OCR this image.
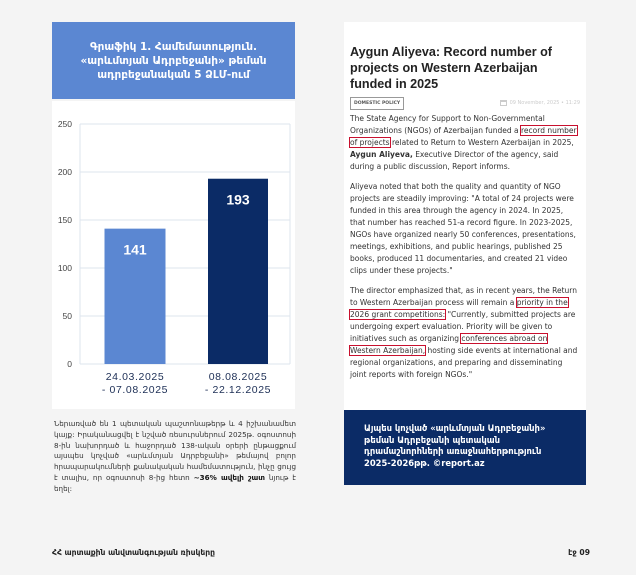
Գրաֆիկ 1. Համեմատություն. «արևմտյան Ադրբեջանի» թեման ադրբեջանական 5 ՁԼՄ-ում
0
50
100
150
200
250
141
24.03.2025
- 07.08.2025
193
08.08.2025
- 22.12.2025
Ներառված են 1 պետական պաշտոնաթերթ և 4 իշխանամետ կայք: Իրականացվել է նշված ռեսուրսներում 2025թ. օգոստոսի 8-ին նախորդած և հաջորդած 138-ական օրերի ընթացքում այսպես կոչված «արևմտյան Ադրբեջանի» թեմայով բոլոր հրապարակումների քանակական համեմատություն, ինչը ցույց է տալիս, որ օգոստոսի 8-ից հետո ~36% ավելի շատ նյութ է եղել:
Aygun Aliyeva: Record number of projects on Western Azerbaijan funded in 2025
DOMESTIC POLICY	09 November, 2025 • 11:29

The State Agency for Support to Non-Governmental Organizations (NGOs) of Azerbaijan funded a record number of projects related to Return to Western Azerbaijan in 2025, Aygun Aliyeva, Executive Director of the agency, said during a public discussion, Report informs.

Aliyeva noted that both the quality and quantity of NGO projects are steadily improving: "A total of 24 projects were funded in this area through the agency in 2024. In 2025, that number has reached 51-a record figure. In 2023-2025, NGOs have organized nearly 50 conferences, presentations, meetings, exhibitions, and public hearings, published 25 books, produced 11 documentaries, and created 21 video clips under these projects."

The director emphasized that, as in recent years, the Return to Western Azerbaijan process will remain a priority in the 2026 grant competitions: "Currently, submitted projects are undergoing expert evaluation. Priority will be given to initiatives such as organizing conferences abroad on Western Azerbaijan, hosting side events at international and regional organizations, and preparing and disseminating joint reports with foreign NGOs."

Այպես կոչված «արևմտյան Ադրբեջանի» թեման Ադրբեջանի պետական դրամաշնորհների առաջնահերթություն 2025-2026թթ. ©report.az
ՀՀ արտաքին անվտանգության ռիսկերը	էջ 09
